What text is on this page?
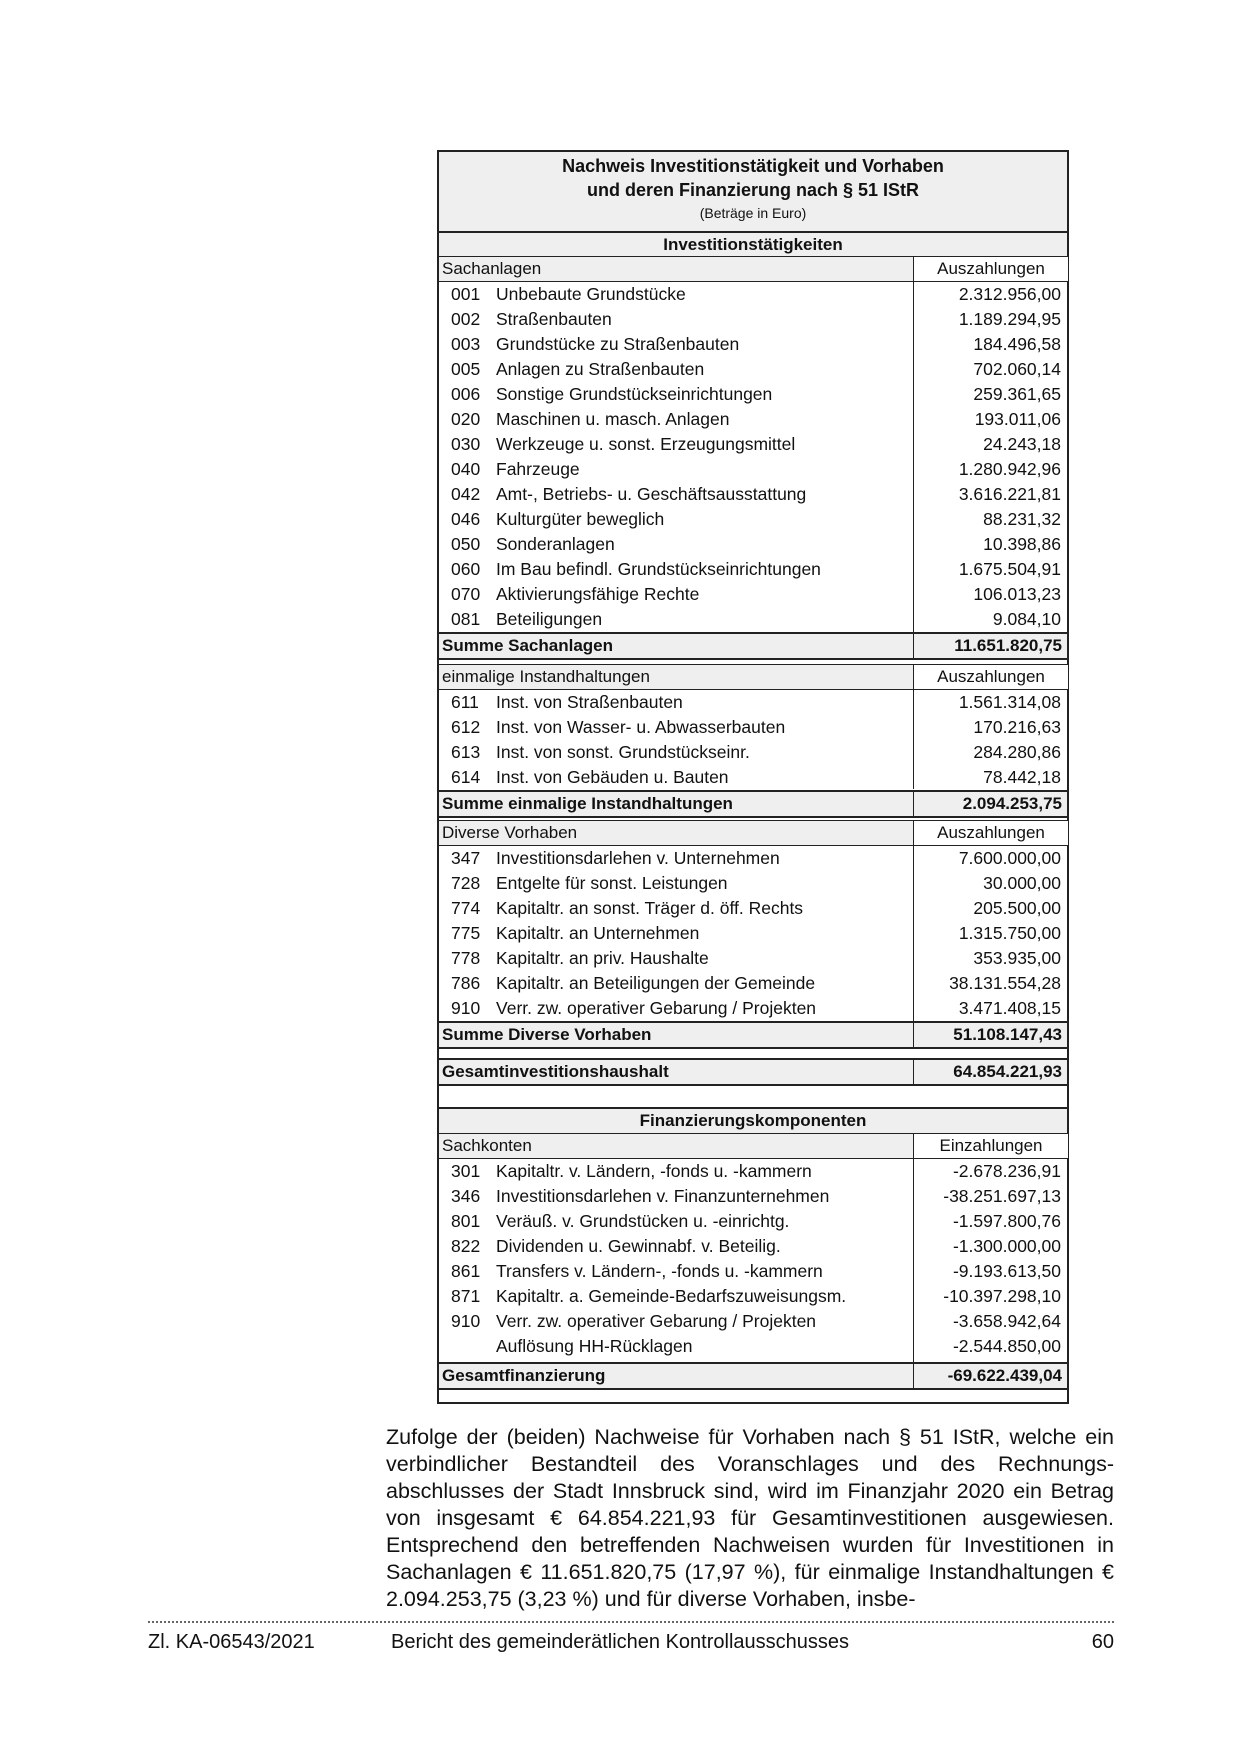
Nachweis Investitionstätigkeit und Vorhaben
und deren Finanzierung nach § 51 IStR
(Beträge in Euro)
Investitionstätigkeiten
Sachanlagen	Auszahlungen
001 Unbebaute Grundstücke	2.312.956,00
002 Straßenbauten	1.189.294,95
003 Grundstücke zu Straßenbauten	184.496,58
005 Anlagen zu Straßenbauten	702.060,14
006 Sonstige Grundstückseinrichtungen	259.361,65
020 Maschinen u. masch. Anlagen	193.011,06
030 Werkzeuge u. sonst. Erzeugungsmittel	24.243,18
040 Fahrzeuge	1.280.942,96
042 Amt-, Betriebs- u. Geschäftsausstattung	3.616.221,81
046 Kulturgüter beweglich	88.231,32
050 Sonderanlagen	10.398,86
060 Im Bau befindl. Grundstückseinrichtungen	1.675.504,91
070 Aktivierungsfähige Rechte	106.013,23
081 Beteiligungen	9.084,10
Summe Sachanlagen	11.651.820,75
einmalige Instandhaltungen	Auszahlungen
611 Inst. von Straßenbauten	1.561.314,08
612 Inst. von Wasser- u. Abwasserbauten	170.216,63
613 Inst. von sonst. Grundstückseinr.	284.280,86
614 Inst. von Gebäuden u. Bauten	78.442,18
Summe einmalige Instandhaltungen	2.094.253,75
Diverse Vorhaben	Auszahlungen
347 Investitionsdarlehen v. Unternehmen	7.600.000,00
728 Entgelte für sonst. Leistungen	30.000,00
774 Kapitaltr. an sonst. Träger d. öff. Rechts	205.500,00
775 Kapitaltr. an Unternehmen	1.315.750,00
778 Kapitaltr. an priv. Haushalte	353.935,00
786 Kapitaltr. an Beteiligungen der Gemeinde	38.131.554,28
910 Verr. zw. operativer Gebarung / Projekten	3.471.408,15
Summe Diverse Vorhaben	51.108.147,43
Gesamtinvestitionshaushalt	64.854.221,93
Finanzierungskomponenten
Sachkonten	Einzahlungen
301 Kapitaltr. v. Ländern, -fonds u. -kammern	-2.678.236,91
346 Investitionsdarlehen v. Finanzunternehmen	-38.251.697,13
801 Veräuß. v. Grundstücken u. -einrichtg.	-1.597.800,76
822 Dividenden u. Gewinnabf. v. Beteilig.	-1.300.000,00
861 Transfers v. Ländern-, -fonds u. -kammern	-9.193.613,50
871 Kapitaltr. a. Gemeinde-Bedarfszuweisungsm.	-10.397.298,10
910 Verr. zw. operativer Gebarung / Projekten	-3.658.942,64
Auflösung HH-Rücklagen	-2.544.850,00
Gesamtfinanzierung	-69.622.439,04
Zufolge der (beiden) Nachweise für Vorhaben nach § 51 IStR, welche ein verbindlicher Bestandteil des Voranschlages und des Rechnungsabschlusses der Stadt Innsbruck sind, wird im Finanzjahr 2020 ein Betrag von insgesamt € 64.854.221,93 für Gesamtinvestitionen ausgewiesen. Entsprechend den betreffenden Nachweisen wurden für Investitionen in Sachanlagen € 11.651.820,75 (17,97 %), für einmalige Instandhaltungen € 2.094.253,75 (3,23 %) und für diverse Vorhaben, insbe-
Zl. KA-06543/2021	Bericht des gemeinderätlichen Kontrollausschusses	60
